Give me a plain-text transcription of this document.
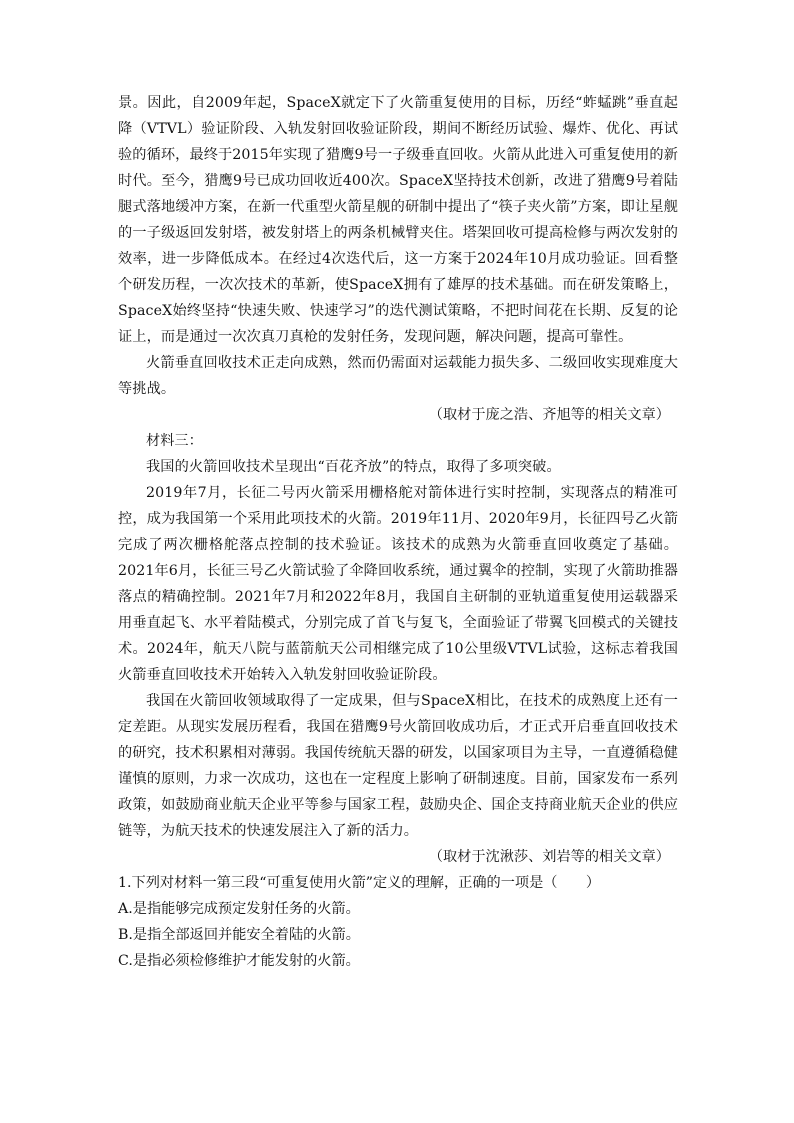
景。因此，自2009年起，SpaceX就定下了火箭重复使用的目标，历经“蚱蜢跳”垂直起降（VTVL）验证阶段、入轨发射回收验证阶段，期间不断经历试验、爆炸、优化、再试验的循环，最终于2015年实现了猎鹰9号一子级垂直回收。火箭从此进入可重复使用的新时代。至今，猎鹰9号已成功回收近400次。SpaceX坚持技术创新，改进了猎鹰9号着陆腿式落地缓冲方案，在新一代重型火箭星舰的研制中提出了“筷子夹火箭”方案，即让星舰的一子级返回发射塔，被发射塔上的两条机械臂夹住。塔架回收可提高检修与两次发射的效率，进一步降低成本。在经过4次迭代后，这一方案于2024年10月成功验证。回看整个研发历程，一次次技术的革新，使SpaceX拥有了雄厚的技术基础。而在研发策略上，SpaceX始终坚持“快速失败、快速学习”的迭代测试策略，不把时间花在长期、反复的论证上，而是通过一次次真刀真枪的发射任务，发现问题，解决问题，提高可靠性。

火箭垂直回收技术正走向成熟，然而仍需面对运载能力损失多、二级回收实现难度大等挑战。

（取材于庞之浩、齐旭等的相关文章）

材料三：

我国的火箭回收技术呈现出“百花齐放”的特点，取得了多项突破。

2019年7月，长征二号丙火箭采用栅格舵对箭体进行实时控制，实现落点的精准可控，成为我国第一个采用此项技术的火箭。2019年11月、2020年9月，长征四号乙火箭完成了两次栅格舵落点控制的技术验证。该技术的成熟为火箭垂直回收奠定了基础。2021年6月，长征三号乙火箭试验了伞降回收系统，通过翼伞的控制，实现了火箭助推器落点的精确控制。2021年7月和2022年8月，我国自主研制的亚轨道重复使用运载器采用垂直起飞、水平着陆模式，分别完成了首飞与复飞，全面验证了带翼飞回模式的关键技术。2024年，航天八院与蓝箭航天公司相继完成了10公里级VTVL试验，这标志着我国火箭垂直回收技术开始转入入轨发射回收验证阶段。

我国在火箭回收领域取得了一定成果，但与SpaceX相比，在技术的成熟度上还有一定差距。从现实发展历程看，我国在猎鹰9号火箭回收成功后，才正式开启垂直回收技术的研究，技术积累相对薄弱。我国传统航天器的研发，以国家项目为主导，一直遵循稳健谨慎的原则，力求一次成功，这也在一定程度上影响了研制速度。目前，国家发布一系列政策，如鼓励商业航天企业平等参与国家工程，鼓励央企、国企支持商业航天企业的供应链等，为航天技术的快速发展注入了新的活力。

（取材于沈湫莎、刘岩等的相关文章）

1.下列对材料一第三段“可重复使用火箭”定义的理解，正确的一项是（　　）

A.是指能够完成预定发射任务的火箭。

B.是指全部返回并能安全着陆的火箭。

C.是指必须检修维护才能发射的火箭。
